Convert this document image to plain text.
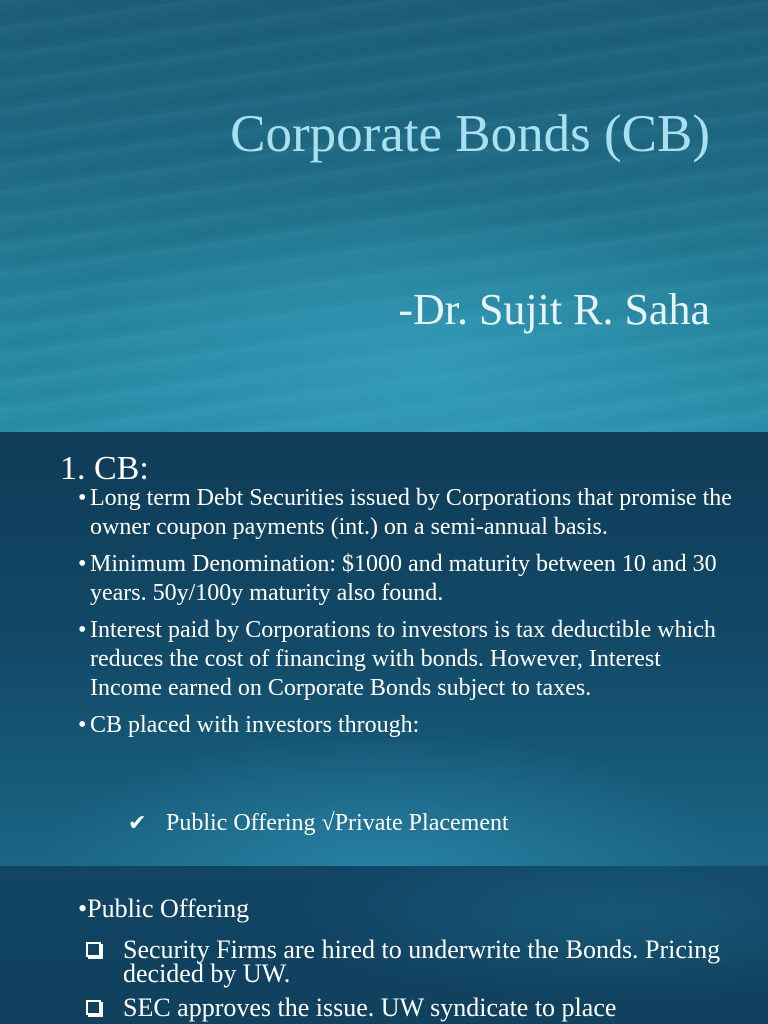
Corporate Bonds (CB)
-Dr. Sujit R. Saha
1. CB:
• Long term Debt Securities issued by Corporations that promise the owner coupon payments (int.) on a semi-annual basis.
• Minimum Denomination: $1000 and maturity between 10 and 30 years. 50y/100y maturity also found.
• Interest paid by Corporations to investors is tax deductible which reduces the cost of financing with bonds. However, Interest Income earned on Corporate Bonds subject to taxes.
• CB placed with investors through:
✔ Public Offering √Private Placement
•Public Offering
Security Firms are hired to underwrite the Bonds. Pricing decided by UW.
SEC approves the issue. UW syndicate to place
